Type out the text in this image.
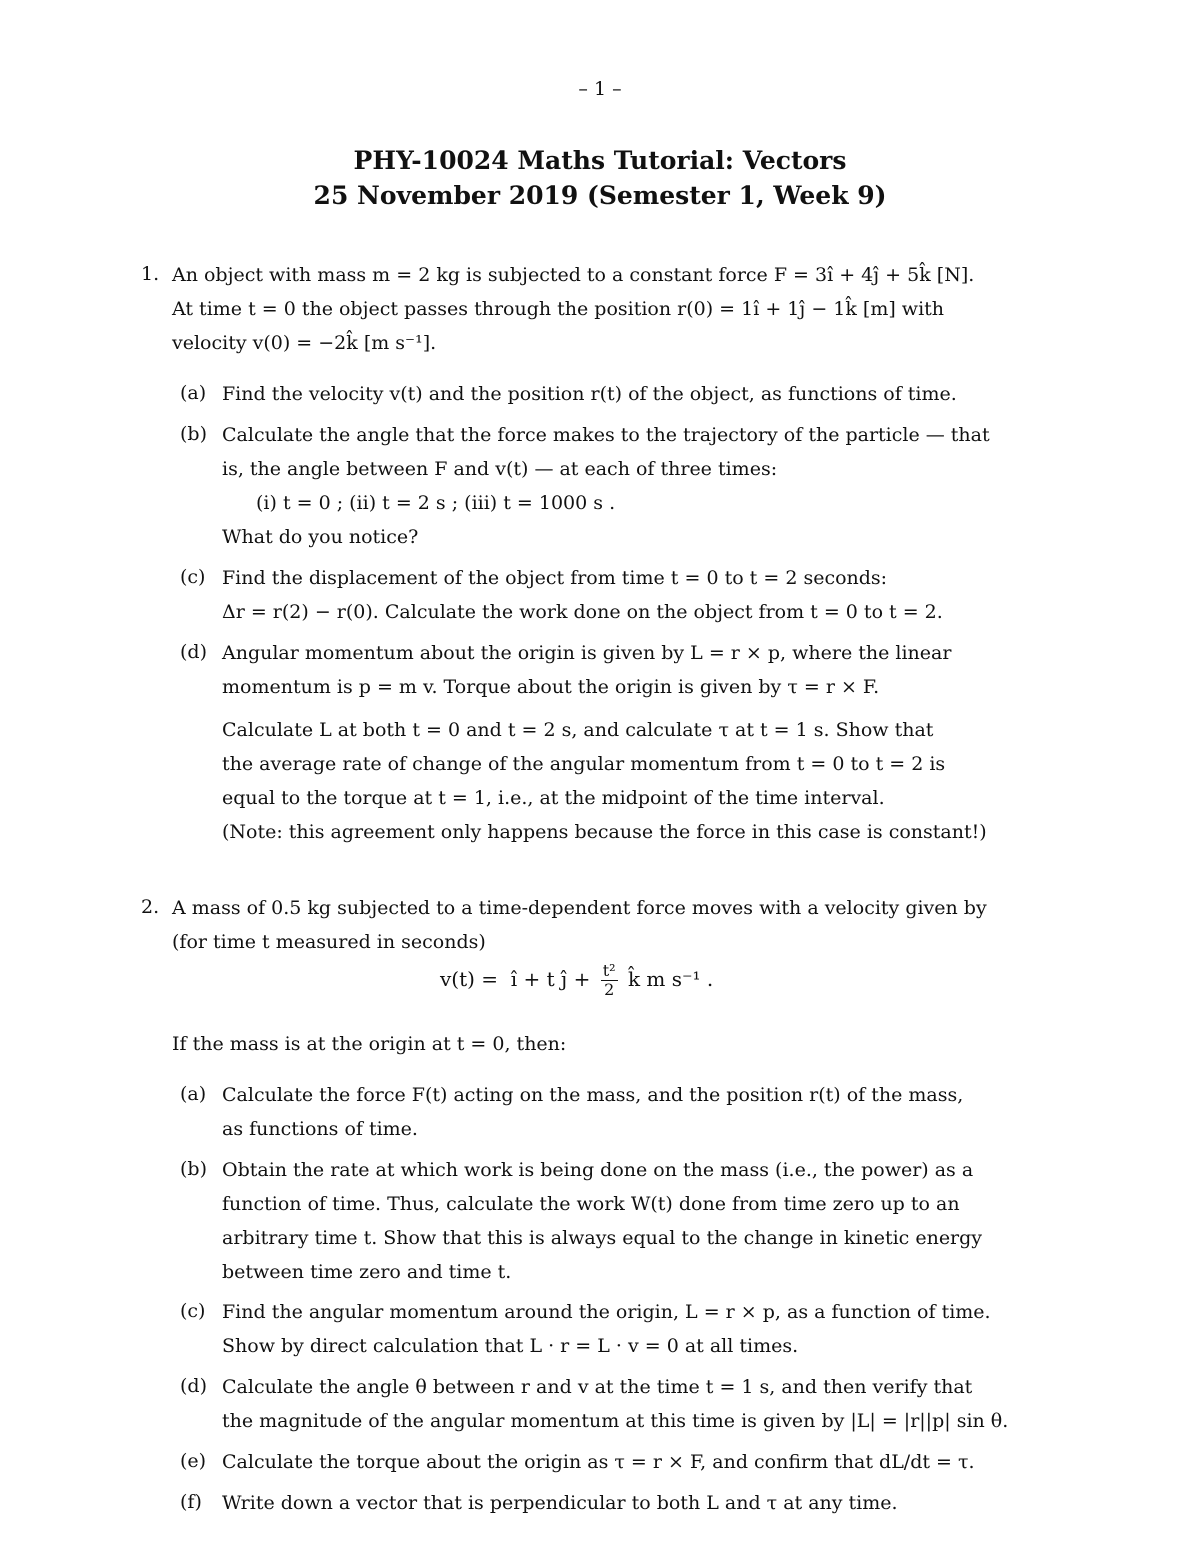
– 1 –
PHY-10024 Maths Tutorial: Vectors
25 November 2019 (Semester 1, Week 9)
1. An object with mass m = 2 kg is subjected to a constant force F = 3î + 4ĵ + 5k̂ [N].
At time t = 0 the object passes through the position r(0) = 1î + 1ĵ − 1k̂ [m] with
velocity v(0) = −2k̂ [m s⁻¹].
(a) Find the velocity v(t) and the position r(t) of the object, as functions of time.
(b) Calculate the angle that the force makes to the trajectory of the particle — that
is, the angle between F and v(t) — at each of three times:
(i) t = 0 ; (ii) t = 2 s ; (iii) t = 1000 s .
What do you notice?
(c) Find the displacement of the object from time t = 0 to t = 2 seconds:
Δr = r(2) − r(0). Calculate the work done on the object from t = 0 to t = 2.
(d) Angular momentum about the origin is given by L = r × p, where the linear
momentum is p = m v. Torque about the origin is given by τ = r × F.
Calculate L at both t = 0 and t = 2 s, and calculate τ at t = 1 s. Show that
the average rate of change of the angular momentum from t = 0 to t = 2 is
equal to the torque at t = 1, i.e., at the midpoint of the time interval.
(Note: this agreement only happens because the force in this case is constant!)
2. A mass of 0.5 kg subjected to a time-dependent force moves with a velocity given by
(for time t measured in seconds)
v(t) = î + t ĵ + $\frac{\text{t²}}{2}$ k̂ m s⁻¹ .
If the mass is at the origin at t = 0, then:
(a) Calculate the force F(t) acting on the mass, and the position r(t) of the mass,
as functions of time.
(b) Obtain the rate at which work is being done on the mass (i.e., the power) as a
function of time. Thus, calculate the work W(t) done from time zero up to an
arbitrary time t. Show that this is always equal to the change in kinetic energy
between time zero and time t.
(c) Find the angular momentum around the origin, L = r × p, as a function of time.
Show by direct calculation that L · r = L · v = 0 at all times.
(d) Calculate the angle θ between r and v at the time t = 1 s, and then verify that
the magnitude of the angular momentum at this time is given by |L| = |r||p| sin θ.
(e) Calculate the torque about the origin as τ = r × F, and confirm that dL/dt = τ.
(f) Write down a vector that is perpendicular to both L and τ at any time.
